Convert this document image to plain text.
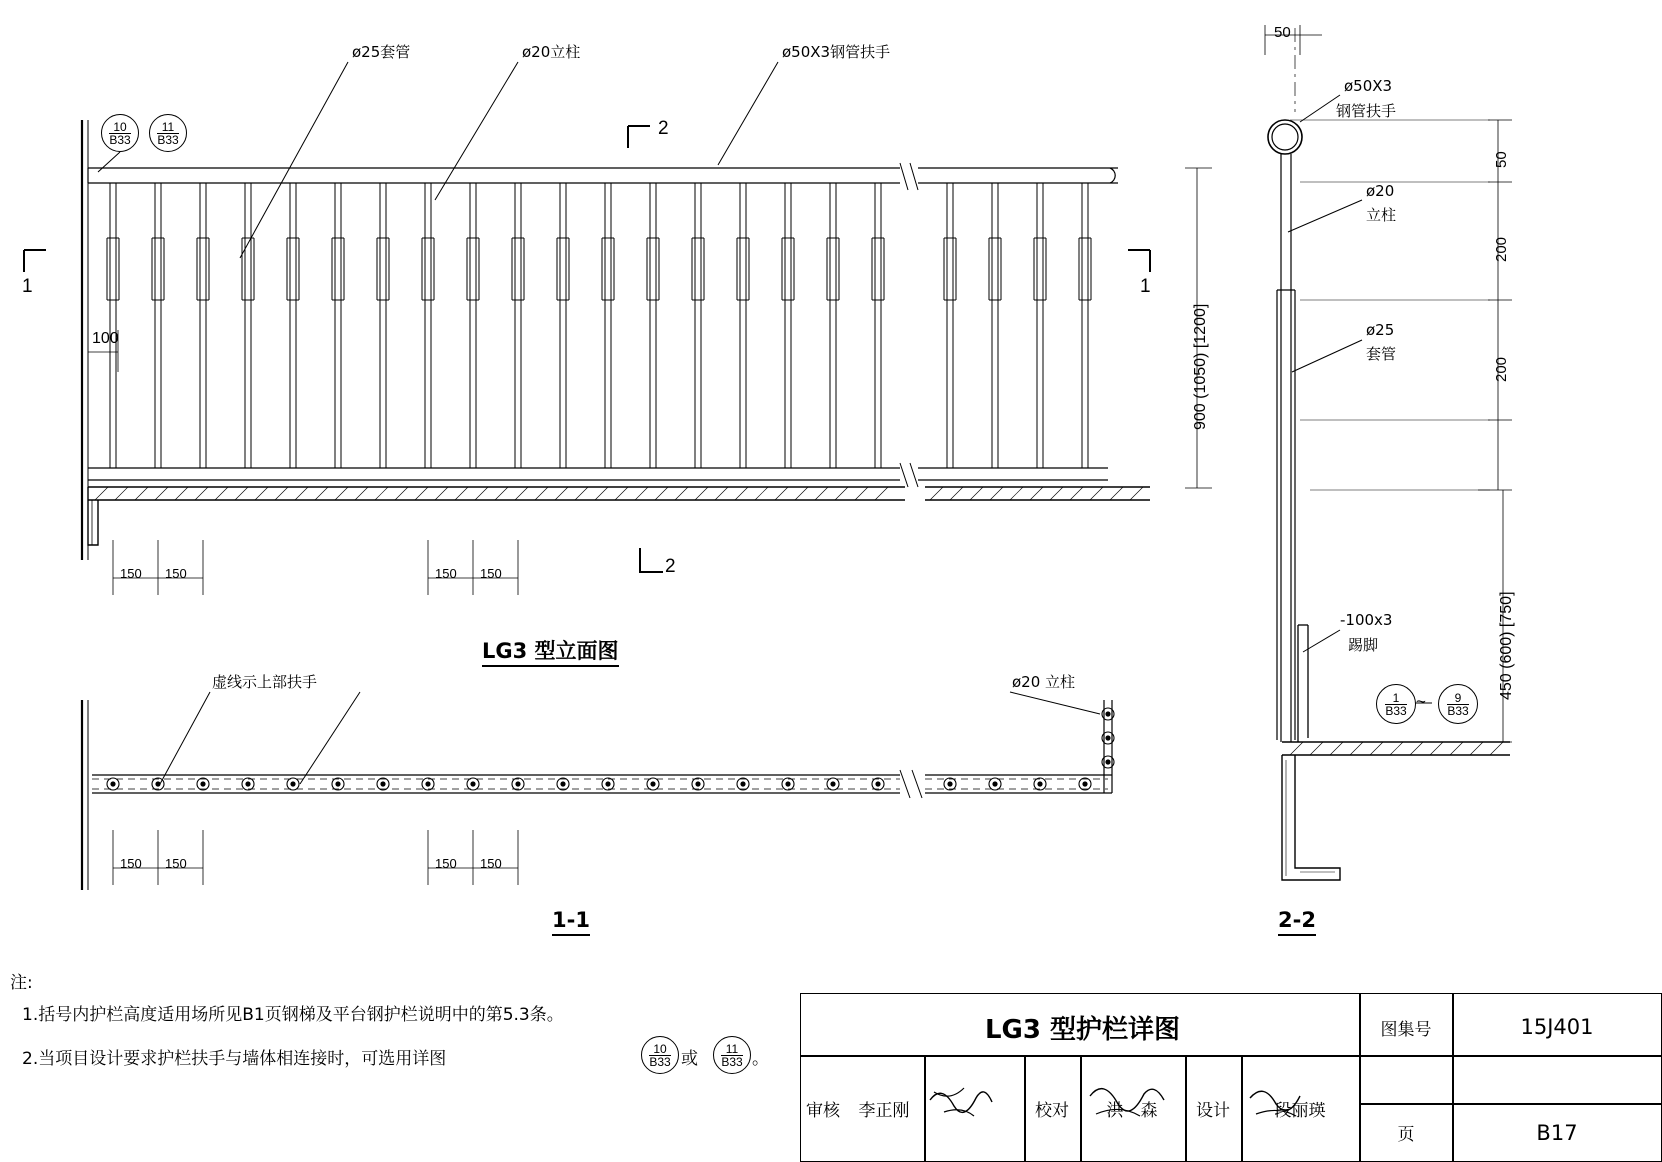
ø25套管	ø20立柱	ø50X3钢管扶手
2
2
1	1
$\frac{10}{B33} \frac{11}{B33}$
100
150 150	150 150
900 (1050) [1200]
LG3 型立面图
虚线示上部扶手	ø20 立柱
150 150	150 150
1-1
50
ø50X3
钢管扶手
ø20
立柱
ø25
套管
-100x3
踢脚
50
200
200
450 (600) [750]
$\frac{1}{B33}$ ~ $\frac{9}{B33}$
2-2
注:
1.括号内护栏高度适用场所见B1页钢梯及平台钢护栏说明中的第5.3条。
2.当项目设计要求护栏扶手与墙体相连接时，可选用详图	$\frac{10}{B33}$ 或 $\frac{11}{B33}$ 。
LG3 型护栏详图	图集号	15J401
页	B17
审核	李正刚	校对	洪　森	设计	段丽瑛
